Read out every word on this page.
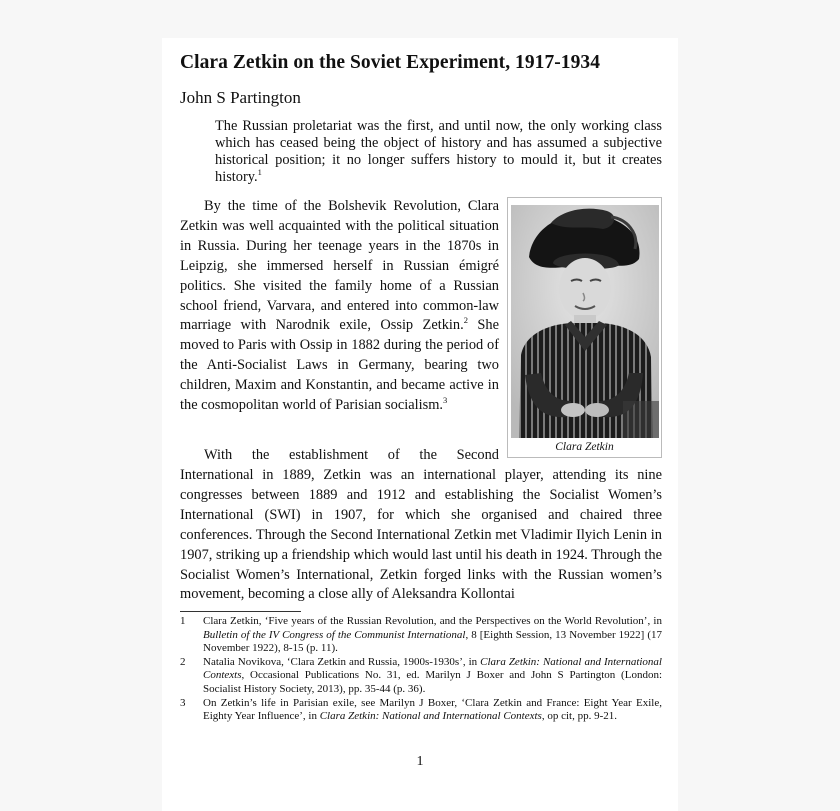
Clara Zetkin on the Soviet Experiment, 1917-1934
John S Partington
The Russian proletariat was the first, and until now, the only working class which has ceased being the object of history and has assumed a subjective historical position; it no longer suffers history to mould it, but it creates history.$^1$
By the time of the Bolshevik Revolution, Clara Zetkin was well acquainted with the political situation in Russia. During her teenage years in the 1870s in Leipzig, she immersed herself in Russian émigré politics. She visited the family home of a Russian school friend, Varvara, and entered into common-law marriage with Narodnik exile, Ossip Zetkin.$^2$ She moved to Paris with Ossip in 1882 during the period of the Anti-Socialist Laws in Germany, bearing two children, Maxim and Konstantin, and became active in the cosmopolitan world of Parisian socialism.$^3$
Clara Zetkin
With the establishment of the Second
International in 1889, Zetkin was an international player, attending its nine congresses between 1889 and 1912 and establishing the Socialist Women’s International (SWI) in 1907, for which she organised and chaired three conferences. Through the Second International Zetkin met Vladimir Ilyich Lenin in 1907, striking up a friendship which would last until his death in 1924. Through the Socialist Women’s International, Zetkin forged links with the Russian women’s movement, becoming a close ally of Aleksandra Kollontai
1	Clara Zetkin, ‘Five years of the Russian Revolution, and the Perspectives on the World Revolution’, in Bulletin of the IV Congress of the Communist International, 8 [Eighth Session, 13 November 1922] (17 November 1922), 8-15 (p. 11).
2	Natalia Novikova, ‘Clara Zetkin and Russia, 1900s-1930s’, in Clara Zetkin: National and International Contexts, Occasional Publications No. 31, ed. Marilyn J Boxer and John S Partington (London: Socialist History Society, 2013), pp. 35-44 (p. 36).
3	On Zetkin’s life in Parisian exile, see Marilyn J Boxer, ‘Clara Zetkin and France: Eight Year Exile, Eighty Year Influence’, in Clara Zetkin: National and International Contexts, op cit, pp. 9-21.
1
